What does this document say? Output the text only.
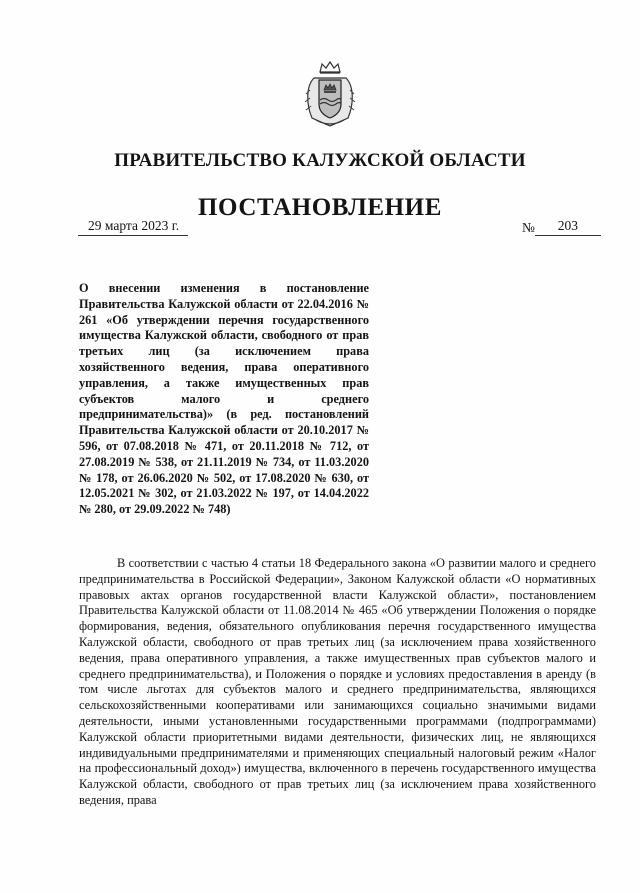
ПРАВИТЕЛЬСТВО КАЛУЖСКОЙ ОБЛАСТИ
ПОСТАНОВЛЕНИЕ
29 марта 2023 г.	№ 203

О внесении изменения в постановление Правительства Калужской области от 22.04.2016 № 261 «Об утверждении перечня государственного имущества Калужской области, свободного от прав третьих лиц (за исключением права хозяйственного ведения, права оперативного управления, а также имущественных прав субъектов малого и среднего предпринимательства)» (в ред. постановлений Правительства Калужской области от 20.10.2017 № 596, от 07.08.2018 № 471, от 20.11.2018 № 712, от 27.08.2019 № 538, от 21.11.2019 № 734, от 11.03.2020 № 178, от 26.06.2020 № 502, от 17.08.2020 № 630, от 12.05.2021 № 302, от 21.03.2022 № 197, от 14.04.2022 № 280, от 29.09.2022 № 748)

В соответствии с частью 4 статьи 18 Федерального закона «О развитии малого и среднего предпринимательства в Российской Федерации», Законом Калужской области «О нормативных правовых актах органов государственной власти Калужской области», постановлением Правительства Калужской области от 11.08.2014 № 465 «Об утверждении Положения о порядке формирования, ведения, обязательного опубликования перечня государственного имущества Калужской области, свободного от прав третьих лиц (за исключением права хозяйственного ведения, права оперативного управления, а также имущественных прав субъектов малого и среднего предпринимательства), и Положения о порядке и условиях предоставления в аренду (в том числе льготах для субъектов малого и среднего предпринимательства, являющихся сельскохозяйственными кооперативами или занимающихся социально значимыми видами деятельности, иными установленными государственными программами (подпрограммами) Калужской области приоритетными видами деятельности, физических лиц, не являющихся индивидуальными предпринимателями и применяющих специальный налоговый режим «Налог на профессиональный доход») имущества, включенного в перечень государственного имущества Калужской области, свободного от прав третьих лиц (за исключением права хозяйственного ведения, права
